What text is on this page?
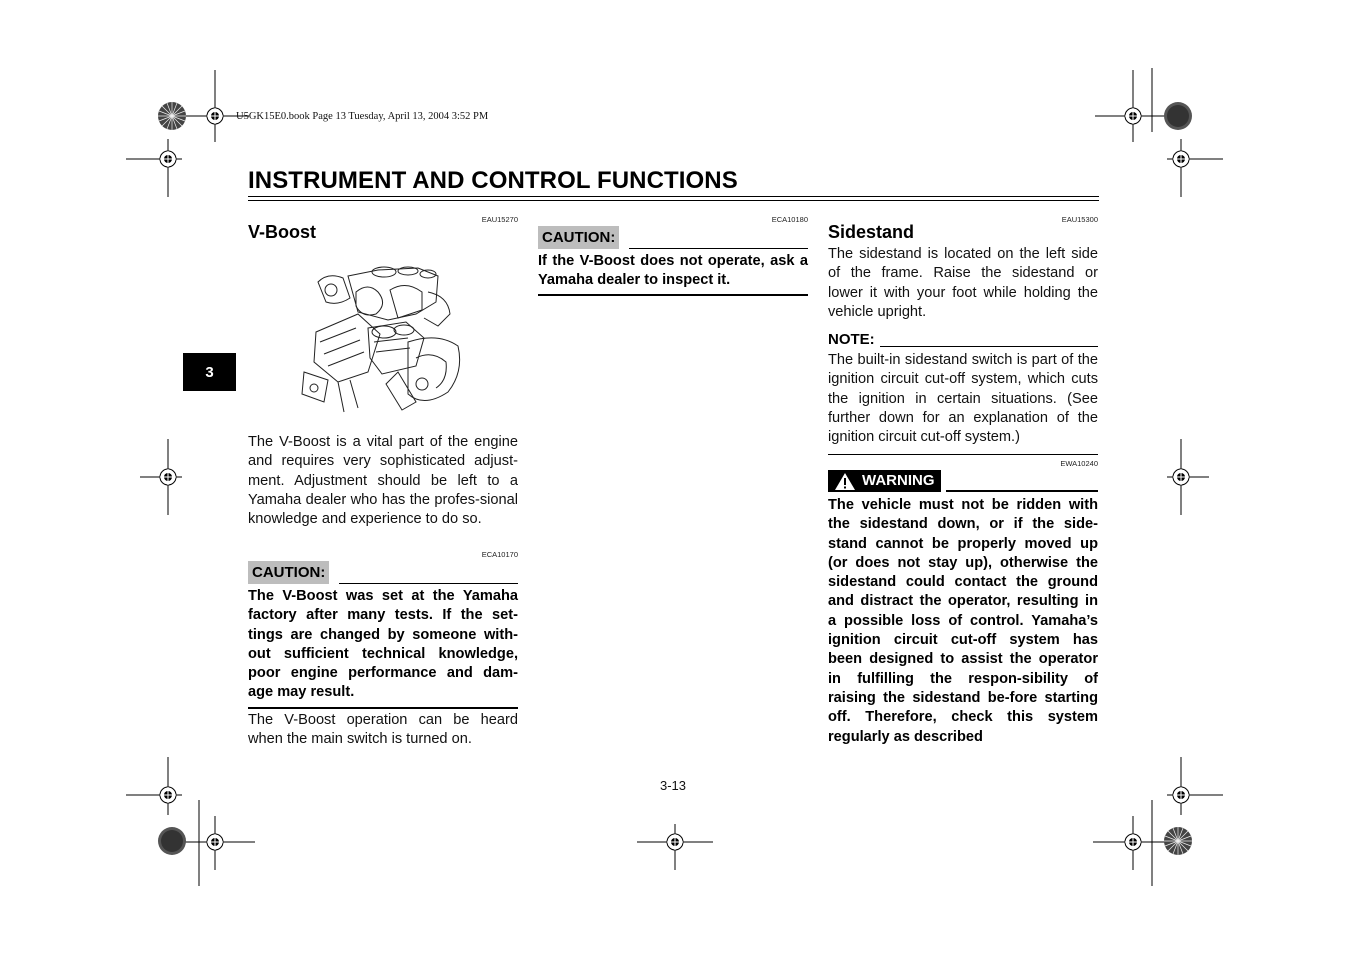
U5GK15E0.book Page 13 Tuesday, April 13, 2004 3:52 PM
INSTRUMENT AND CONTROL FUNCTIONS
3
EAU15270
V-Boost
The V-Boost is a vital part of the engine and requires very sophisticated adjust-ment. Adjustment should be left to a Yamaha dealer who has the profes-sional knowledge and experience to do so.
ECA10170
CAUTION:
The V-Boost was set at the Yamaha factory after many tests. If the set-tings are changed by someone with-out sufficient technical knowledge, poor engine performance and dam-age may result.
The V-Boost operation can be heard when the main switch is turned on.
ECA10180
CAUTION:
If the V-Boost does not operate, ask a Yamaha dealer to inspect it.
EAU15300
Sidestand
The sidestand is located on the left side of the frame. Raise the sidestand or lower it with your foot while holding the vehicle upright.
NOTE:
The built-in sidestand switch is part of the ignition circuit cut-off system, which cuts the ignition in certain situations. (See further down for an explanation of the ignition circuit cut-off system.)
EWA10240
WARNING
The vehicle must not be ridden with the sidestand down, or if the side-stand cannot be properly moved up (or does not stay up), otherwise the sidestand could contact the ground and distract the operator, resulting in a possible loss of control. Yamaha’s ignition circuit cut-off system has been designed to assist the operator in fulfilling the respon-sibility of raising the sidestand be-fore starting off. Therefore, check this system regularly as described
3-13
